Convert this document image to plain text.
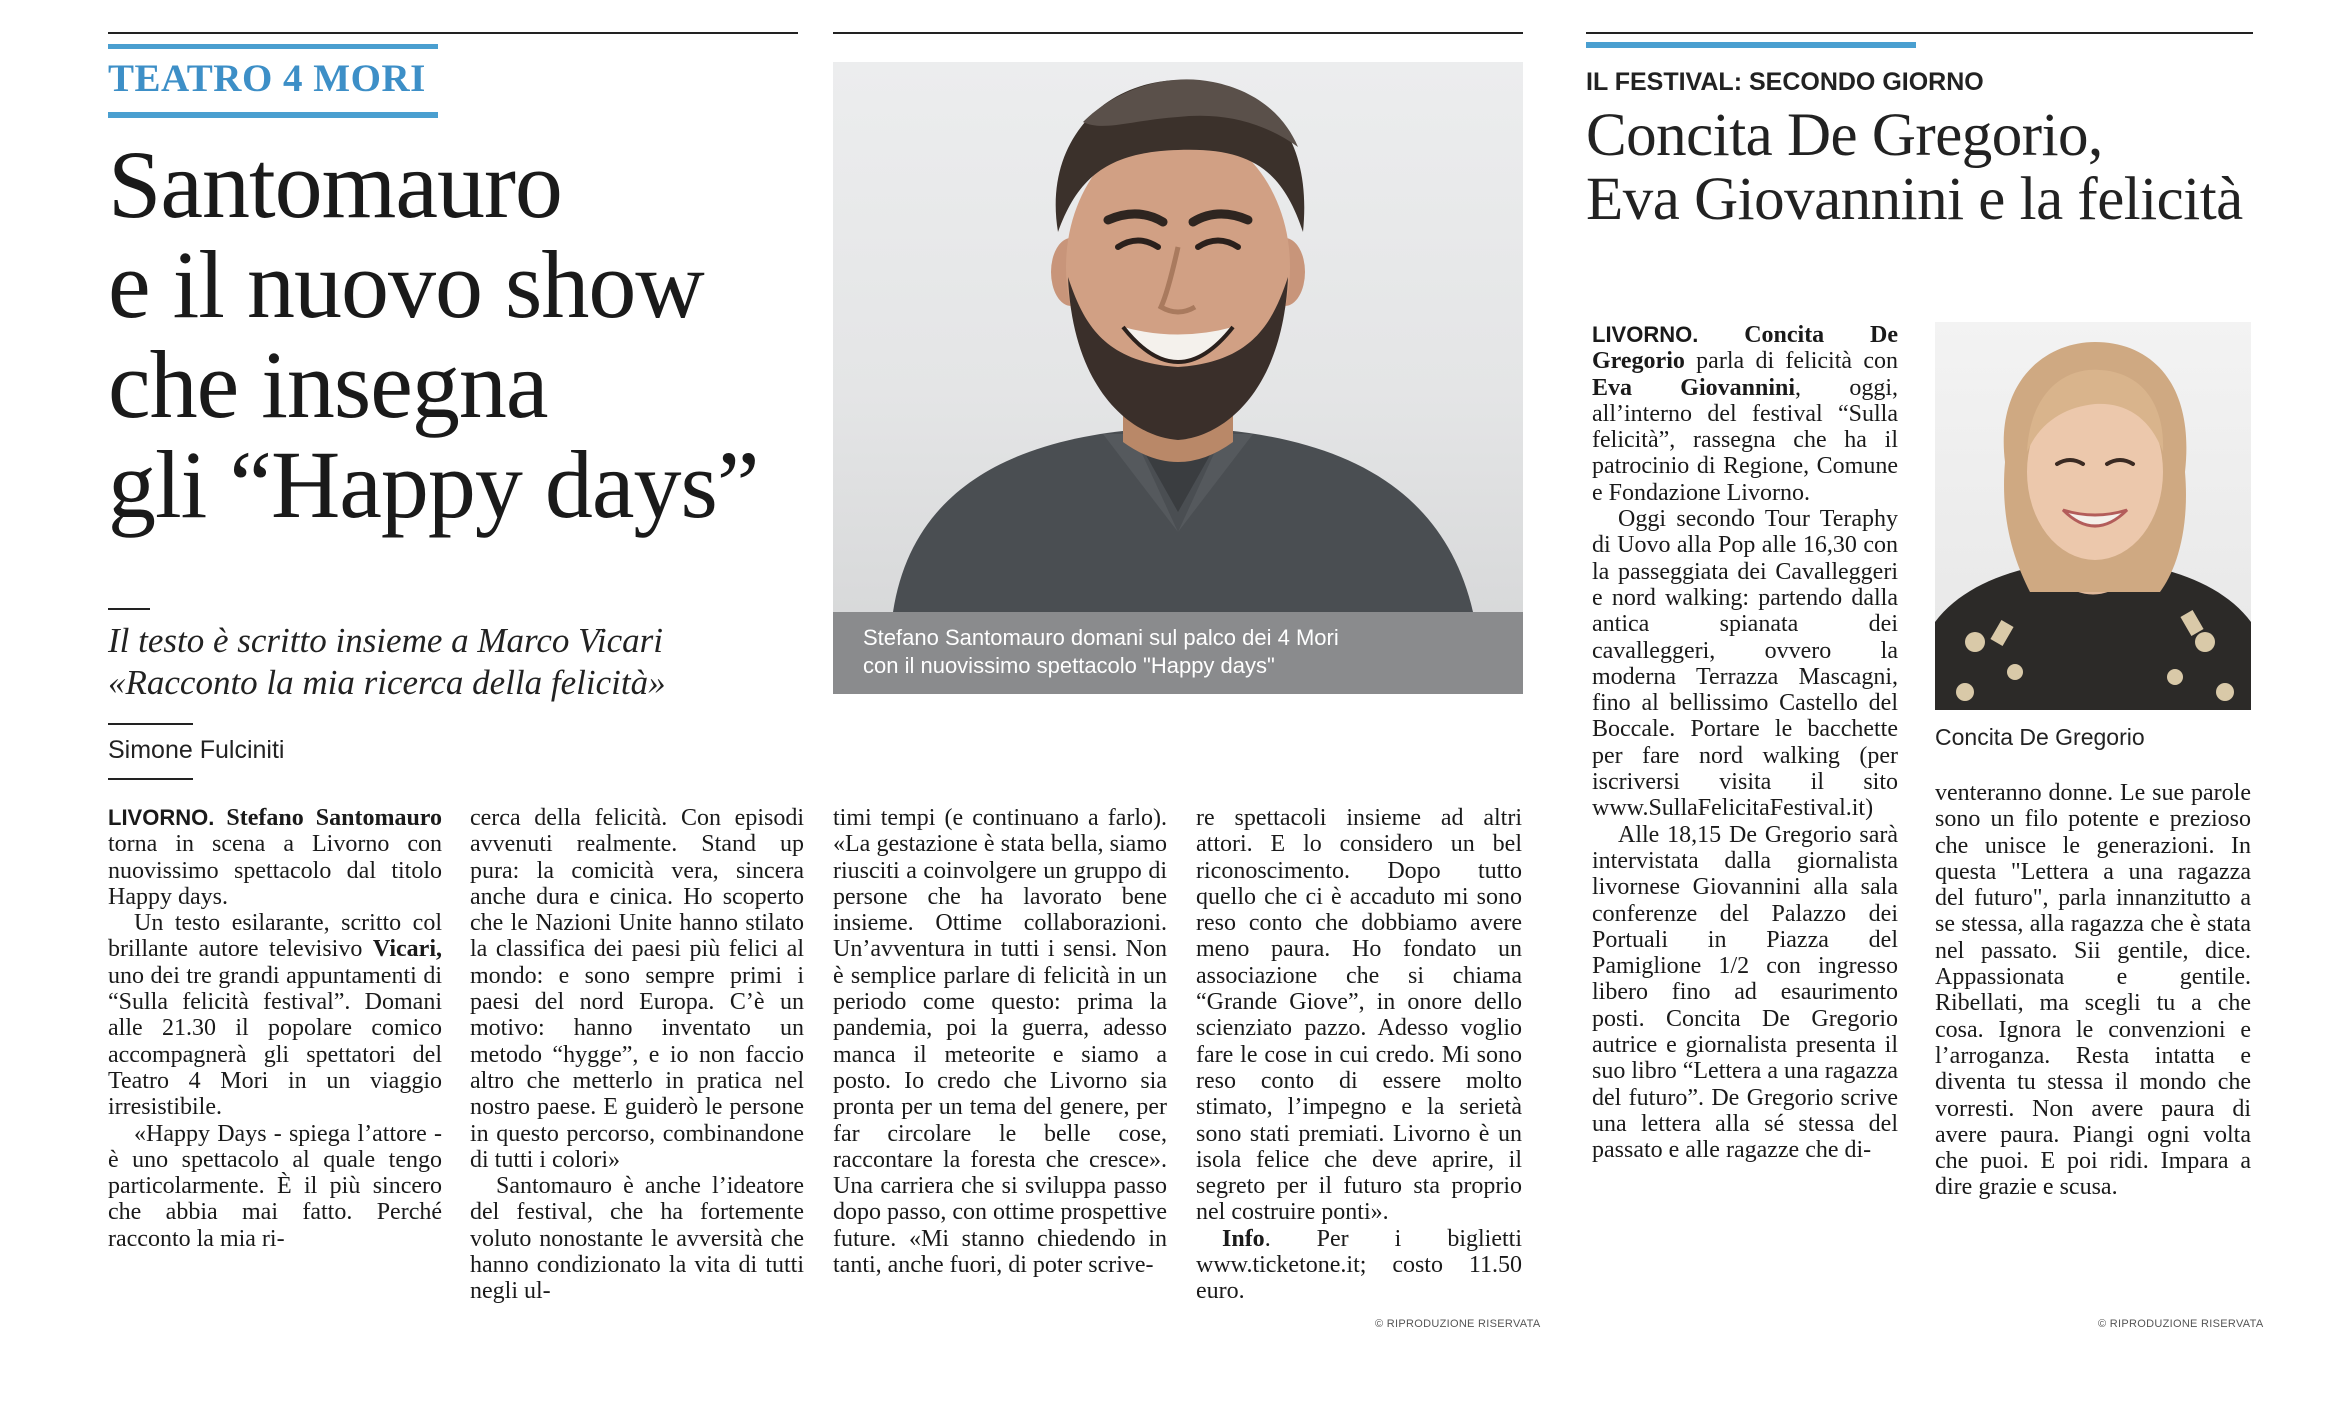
TEATRO 4 MORI
Santomauro
e il nuovo show
che insegna
gli “Happy days”
Il testo è scritto insieme a Marco Vicari
«Racconto la mia ricerca della felicità»
Simone Fulciniti

LIVORNO. Stefano Santomauro torna in scena a Livorno con nuovissimo spettacolo dal titolo Happy days.

Un testo esilarante, scritto col brillante autore televisivo Vicari, uno dei tre grandi appuntamenti di “Sulla felicità festival”. Domani alle 21.30 il popolare comico accompagnerà gli spettatori del Teatro 4 Mori in un viaggio irresistibile.

«Happy Days - spiega l’attore - è uno spettacolo al quale tengo particolarmente. È il più sincero che abbia mai fatto. Perché racconto la mia ri-

cerca della felicità. Con episodi avvenuti realmente. Stand up pura: la comicità vera, sincera anche dura e cinica. Ho scoperto che le Nazioni Unite hanno stilato la classifica dei paesi più felici al mondo: e sono sempre primi i paesi del nord Europa. C’è un motivo: hanno inventato un metodo “hygge”, e io non faccio altro che metterlo in pratica nel nostro paese. E guiderò le persone in questo percorso, combinandone di tutti i colori»

Santomauro è anche l’ideatore del festival, che ha fortemente voluto nonostante le avversità che hanno condizionato la vita di tutti negli ul-

timi tempi (e continuano a farlo). «La gestazione è stata bella, siamo riusciti a coinvolgere un gruppo di persone che ha lavorato bene insieme. Ottime collaborazioni. Un’avventura in tutti i sensi. Non è semplice parlare di felicità in un periodo come questo: prima la pandemia, poi la guerra, adesso manca il meteorite e siamo a posto. Io credo che Livorno sia pronta per un tema del genere, per far circolare le belle cose, raccontare la foresta che cresce». Una carriera che si sviluppa passo dopo passo, con ottime prospettive future. «Mi stanno chiedendo in tanti, anche fuori, di poter scrive-

re spettacoli insieme ad altri attori. E lo considero un bel riconoscimento. Dopo tutto quello che ci è accaduto mi sono reso conto che dobbiamo avere meno paura. Ho fondato un associazione che si chiama “Grande Giove”, in onore dello scienziato pazzo. Adesso voglio fare le cose in cui credo. Mi sono reso conto di essere molto stimato, l’impegno e la serietà sono stati premiati. Livorno è un isola felice che deve aprire, il segreto per il futuro sta proprio nel costruire ponti».

Info. Per i biglietti www.ticketone.it; costo 11.50 euro.

© RIPRODUZIONE RISERVATA
Stefano Santomauro domani sul palco dei 4 Mori
con il nuovissimo spettacolo "Happy days"
IL FESTIVAL: SECONDO GIORNO
Concita De Gregorio,
Eva Giovannini e la felicità

LIVORNO. Concita De Gregorio parla di felicità con Eva Giovannini, oggi, all’interno del festival “Sulla felicità”, rassegna che ha il patrocinio di Regione, Comune e Fondazione Livorno.

Oggi secondo Tour Teraphy di Uovo alla Pop alle 16,30 con la passeggiata dei Cavalleggeri e nord walking: partendo dalla antica spianata dei cavalleggeri, ovvero la moderna Terrazza Mascagni, fino al bellissimo Castello del Boccale. Portare le bacchette per fare nord walking (per iscriversi visita il sito www.SullaFelicitaFestival.it)

Alle 18,15 De Gregorio sarà intervistata dalla giornalista livornese Giovannini alla sala conferenze del Palazzo dei Portuali in Piazza del Pamiglione 1/2 con ingresso libero fino ad esaurimento posti. Concita De Gregorio autrice e giornalista presenta il suo libro “Lettera a una ragazza del futuro”. De Gregorio scrive una lettera alla sé stessa del passato e alle ragazze che di-

Concita De Gregorio

venteranno donne. Le sue parole sono un filo potente e prezioso che unisce le generazioni. In questa "Lettera a una ragazza del futuro", parla innanzitutto a se stessa, alla ragazza che è stata nel passato. Sii gentile, dice. Appassionata e gentile. Ribellati, ma scegli tu a che cosa. Ignora le convenzioni e l’arroganza. Resta intatta e diventa tu stessa il mondo che vorresti. Non avere paura di avere paura. Piangi ogni volta che puoi. E poi ridi. Impara a dire grazie e scusa.

© RIPRODUZIONE RISERVATA
